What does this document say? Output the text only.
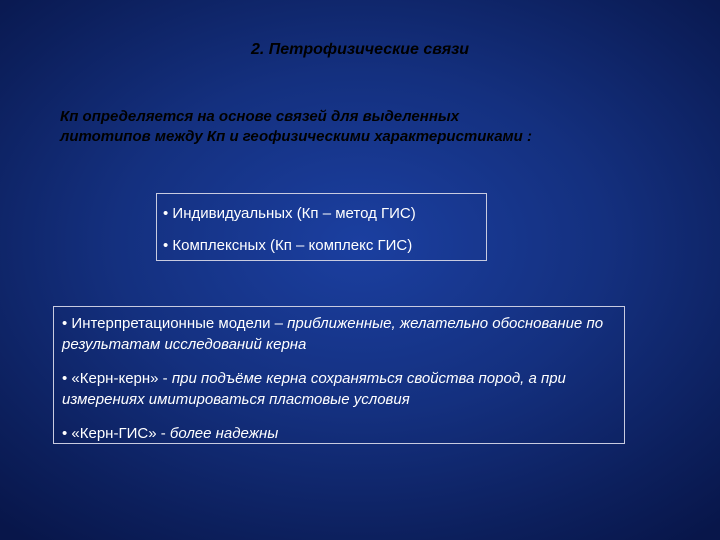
2. Петрофизические связи
Кп определяется на основе связей для выделенных
литотипов между Кп и геофизическими характеристиками :
• Индивидуальных (Кп – метод ГИС)
• Комплексных (Кп – комплекс ГИС)
• Интерпретационные модели – приближенные, желательно обоснование по результатам исследований керна
• «Керн-керн» - при подъёме керна сохраняться свойства пород, а при измерениях имитироваться пластовые условия
• «Керн-ГИС» - более надежны
